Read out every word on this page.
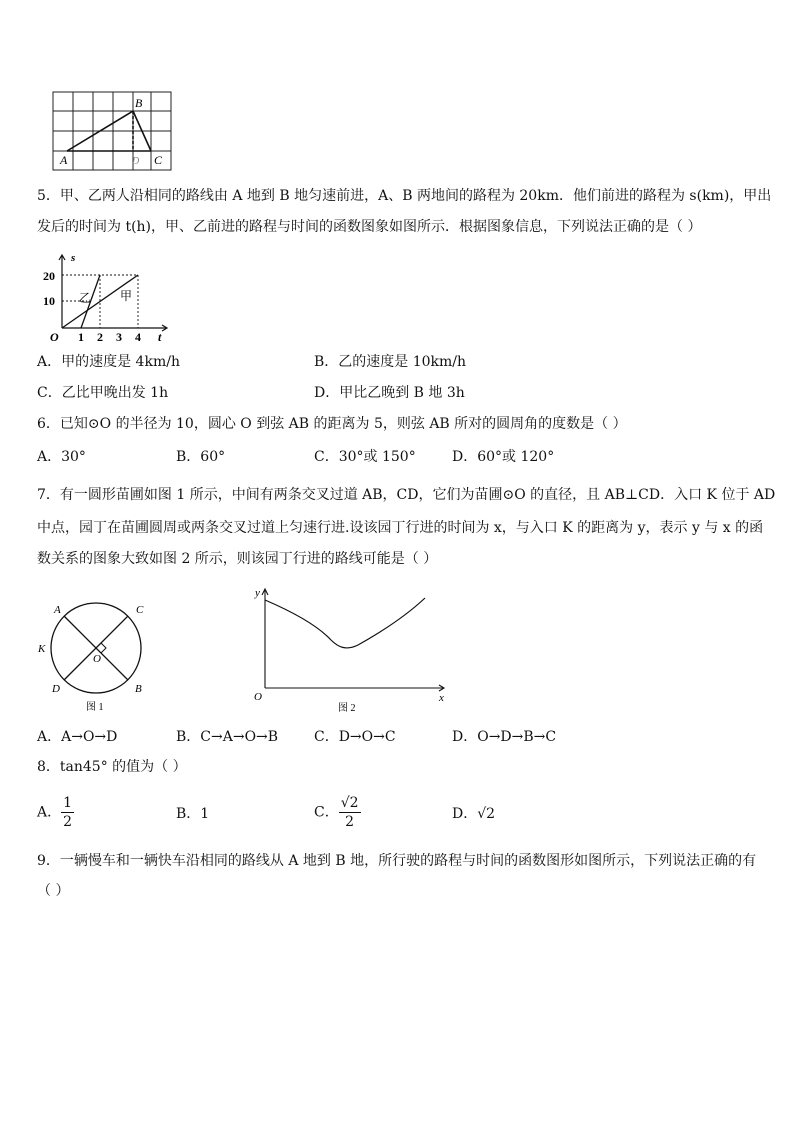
B
A	C
D
5．甲、乙两人沿相同的路线由 A 地到 B 地匀速前进，A、B 两地间的路程为 20km．他们前进的路程为 s(km)，甲出
发后的时间为 t(h)，甲、乙前进的路程与时间的函数图象如图所示．根据图象信息，下列说法正确的是（ ）
s
t
O
20
10
1 2 3 4
乙 甲
A．甲的速度是 4km/h	B．乙的速度是 10km/h
C．乙比甲晚出发 1h	D．甲比乙晚到 B 地 3h
6．已知⊙O 的半径为 10，圆心 O 到弦 AB 的距离为 5，则弦 AB 所对的圆周角的度数是（ ）
A．30°	B．60°	C．30°或 150°	D．60°或 120°
7．有一圆形苗圃如图 1 所示，中间有两条交叉过道 AB，CD，它们为苗圃⊙O 的直径，且 AB⊥CD．入口 K 位于 AD
中点，园丁在苗圃圆周或两条交叉过道上匀速行进.设该园丁行进的时间为 x，与入口 K 的距离为 y，表示 y 与 x 的函
数关系的图象大致如图 2 所示，则该园丁行进的路线可能是（ ）
A	C
K
O
D	B
图 1
y
x
O
图 2
A．A→O→D	B．C→A→O→B	C．D→O→C	D．O→D→B→C
8．tan45° 的值为（ ）
A． $\frac{1}{2}$	B．1	C． $\frac{√2}{2}$	D．√2
9．一辆慢车和一辆快车沿相同的路线从 A 地到 B 地，所行驶的路程与时间的函数图形如图所示，下列说法正确的有
（ ）
